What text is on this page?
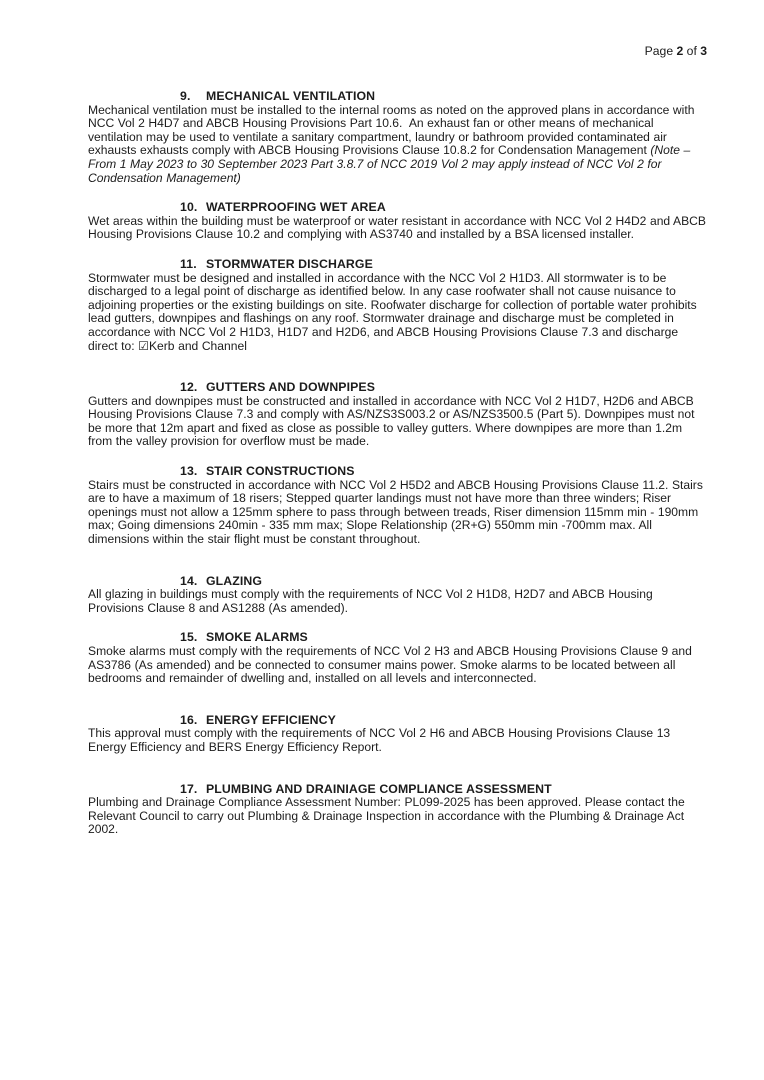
Page 2 of 3
9. MECHANICAL VENTILATION

Mechanical ventilation must be installed to the internal rooms as noted on the approved plans in accordance with NCC Vol 2 H4D7 and ABCB Housing Provisions Part 10.6.  An exhaust fan or other means of mechanical ventilation may be used to ventilate a sanitary compartment, laundry or bathroom provided contaminated air exhausts exhausts comply with ABCB Housing Provisions Clause 10.8.2 for Condensation Management (Note – From 1 May 2023 to 30 September 2023 Part 3.8.7 of NCC 2019 Vol 2 may apply instead of NCC Vol 2 for Condensation Management)

10. WATERPROOFING WET AREA

Wet areas within the building must be waterproof or water resistant in accordance with NCC Vol 2 H4D2 and ABCB Housing Provisions Clause 10.2 and complying with AS3740 and installed by a BSA licensed installer.

11. STORMWATER DISCHARGE

Stormwater must be designed and installed in accordance with the NCC Vol 2 H1D3. All stormwater is to be discharged to a legal point of discharge as identified below. In any case roofwater shall not cause nuisance to adjoining properties or the existing buildings on site. Roofwater discharge for collection of portable water prohibits lead gutters, downpipes and flashings on any roof. Stormwater drainage and discharge must be completed in accordance with NCC Vol 2 H1D3, H1D7 and H2D6, and ABCB Housing Provisions Clause 7.3 and discharge direct to: ☑Kerb and Channel

12. GUTTERS AND DOWNPIPES

Gutters and downpipes must be constructed and installed in accordance with NCC Vol 2 H1D7, H2D6 and ABCB Housing Provisions Clause 7.3 and comply with AS/NZS3S003.2 or AS/NZS3500.5 (Part 5). Downpipes must not be more that 12m apart and fixed as close as possible to valley gutters. Where downpipes are more than 1.2m from the valley provision for overflow must be made.

13. STAIR CONSTRUCTIONS

Stairs must be constructed in accordance with NCC Vol 2 H5D2 and ABCB Housing Provisions Clause 11.2. Stairs are to have a maximum of 18 risers; Stepped quarter landings must not have more than three winders; Riser openings must not allow a 125mm sphere to pass through between treads, Riser dimension 115mm min - 190mm max; Going dimensions 240min - 335 mm max; Slope Relationship (2R+G) 550mm min -700mm max. All dimensions within the stair flight must be constant throughout.

14. GLAZING

All glazing in buildings must comply with the requirements of NCC Vol 2 H1D8, H2D7 and ABCB Housing Provisions Clause 8 and AS1288 (As amended).

15. SMOKE ALARMS

Smoke alarms must comply with the requirements of NCC Vol 2 H3 and ABCB Housing Provisions Clause 9 and AS3786 (As amended) and be connected to consumer mains power. Smoke alarms to be located between all bedrooms and remainder of dwelling and, installed on all levels and interconnected.

16. ENERGY EFFICIENCY

This approval must comply with the requirements of NCC Vol 2 H6 and ABCB Housing Provisions Clause 13  Energy Efficiency and BERS Energy Efficiency Report.

17. PLUMBING AND DRAINIAGE COMPLIANCE ASSESSMENT

Plumbing and Drainage Compliance Assessment Number: PL099-2025 has been approved. Please contact the Relevant Council to carry out Plumbing & Drainage Inspection in accordance with the Plumbing & Drainage Act 2002.
